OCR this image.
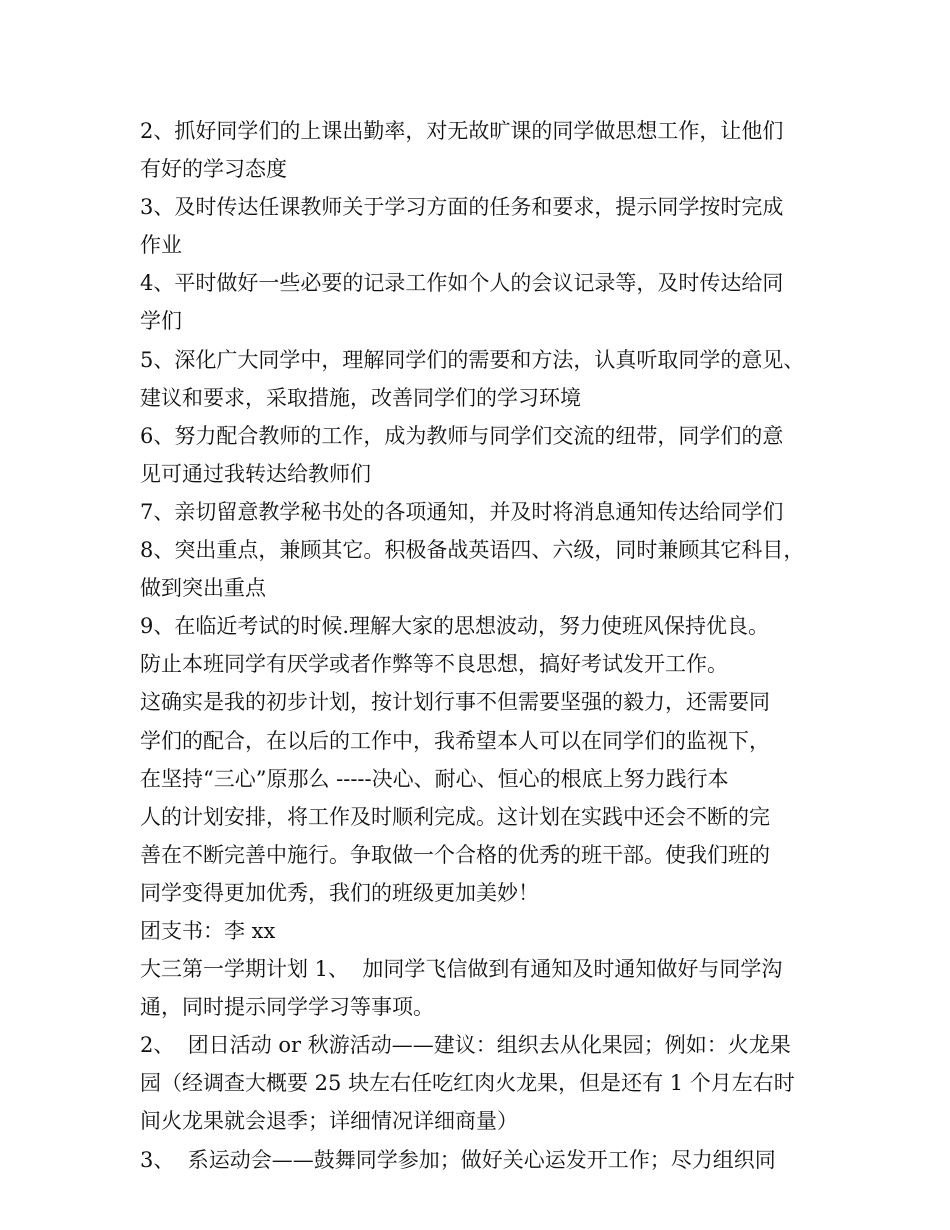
2、抓好同学们的上课出勤率，对无故旷课的同学做思想工作，让他们
有好的学习态度
3、及时传达任课教师关于学习方面的任务和要求，提示同学按时完成
作业
4、平时做好一些必要的记录工作如个人的会议记录等，及时传达给同
学们
5、深化广大同学中，理解同学们的需要和方法，认真听取同学的意见、
建议和要求，采取措施，改善同学们的学习环境
6、努力配合教师的工作，成为教师与同学们交流的纽带，同学们的意
见可通过我转达给教师们
7、亲切留意教学秘书处的各项通知，并及时将消息通知传达给同学们
8、突出重点，兼顾其它。积极备战英语四、六级，同时兼顾其它科目，
做到突出重点
9、在临近考试的时候.理解大家的思想波动，努力使班风保持优良。
防止本班同学有厌学或者作弊等不良思想，搞好考试发开工作。
这确实是我的初步计划，按计划行事不但需要坚强的毅力，还需要同
学们的配合，在以后的工作中，我希望本人可以在同学们的监视下，
在坚持“三心”原那么 -----决心、耐心、恒心的根底上努力践行本
人的计划安排，将工作及时顺利完成。这计划在实践中还会不断的完
善在不断完善中施行。争取做一个合格的优秀的班干部。使我们班的
同学变得更加优秀，我们的班级更加美妙！
团支书：李 xx
大三第一学期计划 1、  加同学飞信做到有通知及时通知做好与同学沟
通，同时提示同学学习等事项。
2、  团日活动 or 秋游活动——建议：组织去从化果园；例如：火龙果
园（经调查大概要 25 块左右任吃红肉火龙果，但是还有 1 个月左右时
间火龙果就会退季；详细情况详细商量）
3、  系运动会——鼓舞同学参加；做好关心运发开工作；尽力组织同
